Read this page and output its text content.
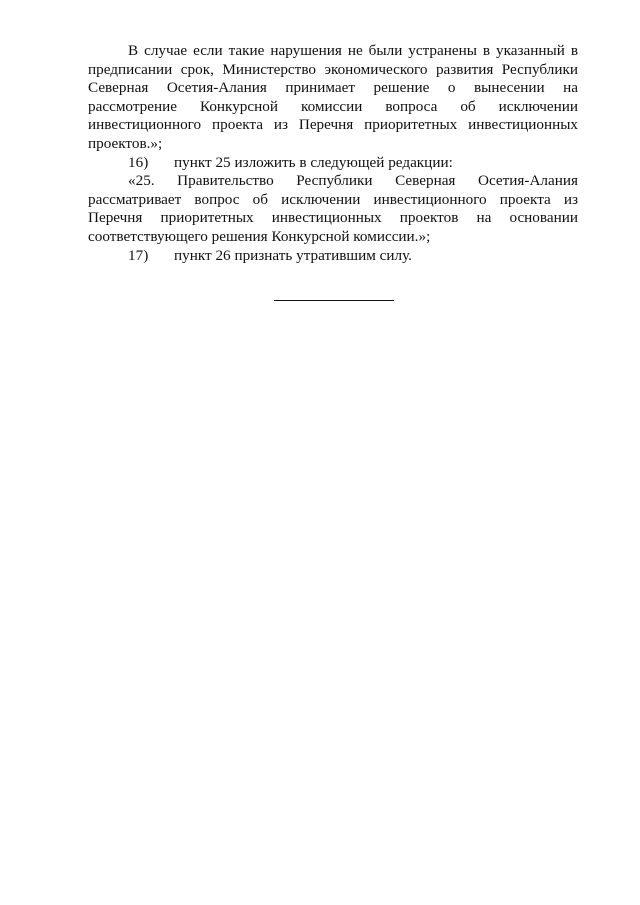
В случае если такие нарушения не были устранены в указанный в предписании срок, Министерство экономического развития Республики Северная Осетия-Алания принимает решение о вынесении на рассмотрение Конкурсной комиссии вопроса об исключении инвестиционного проекта из Перечня приоритетных инвестиционных проектов.»;

16) пункт 25 изложить в следующей редакции:

«25. Правительство Республики Северная Осетия-Алания рассматривает вопрос об исключении инвестиционного проекта из Перечня приоритетных инвестиционных проектов на основании соответствующего решения Конкурсной комиссии.»;

17) пункт 26 признать утратившим силу.
